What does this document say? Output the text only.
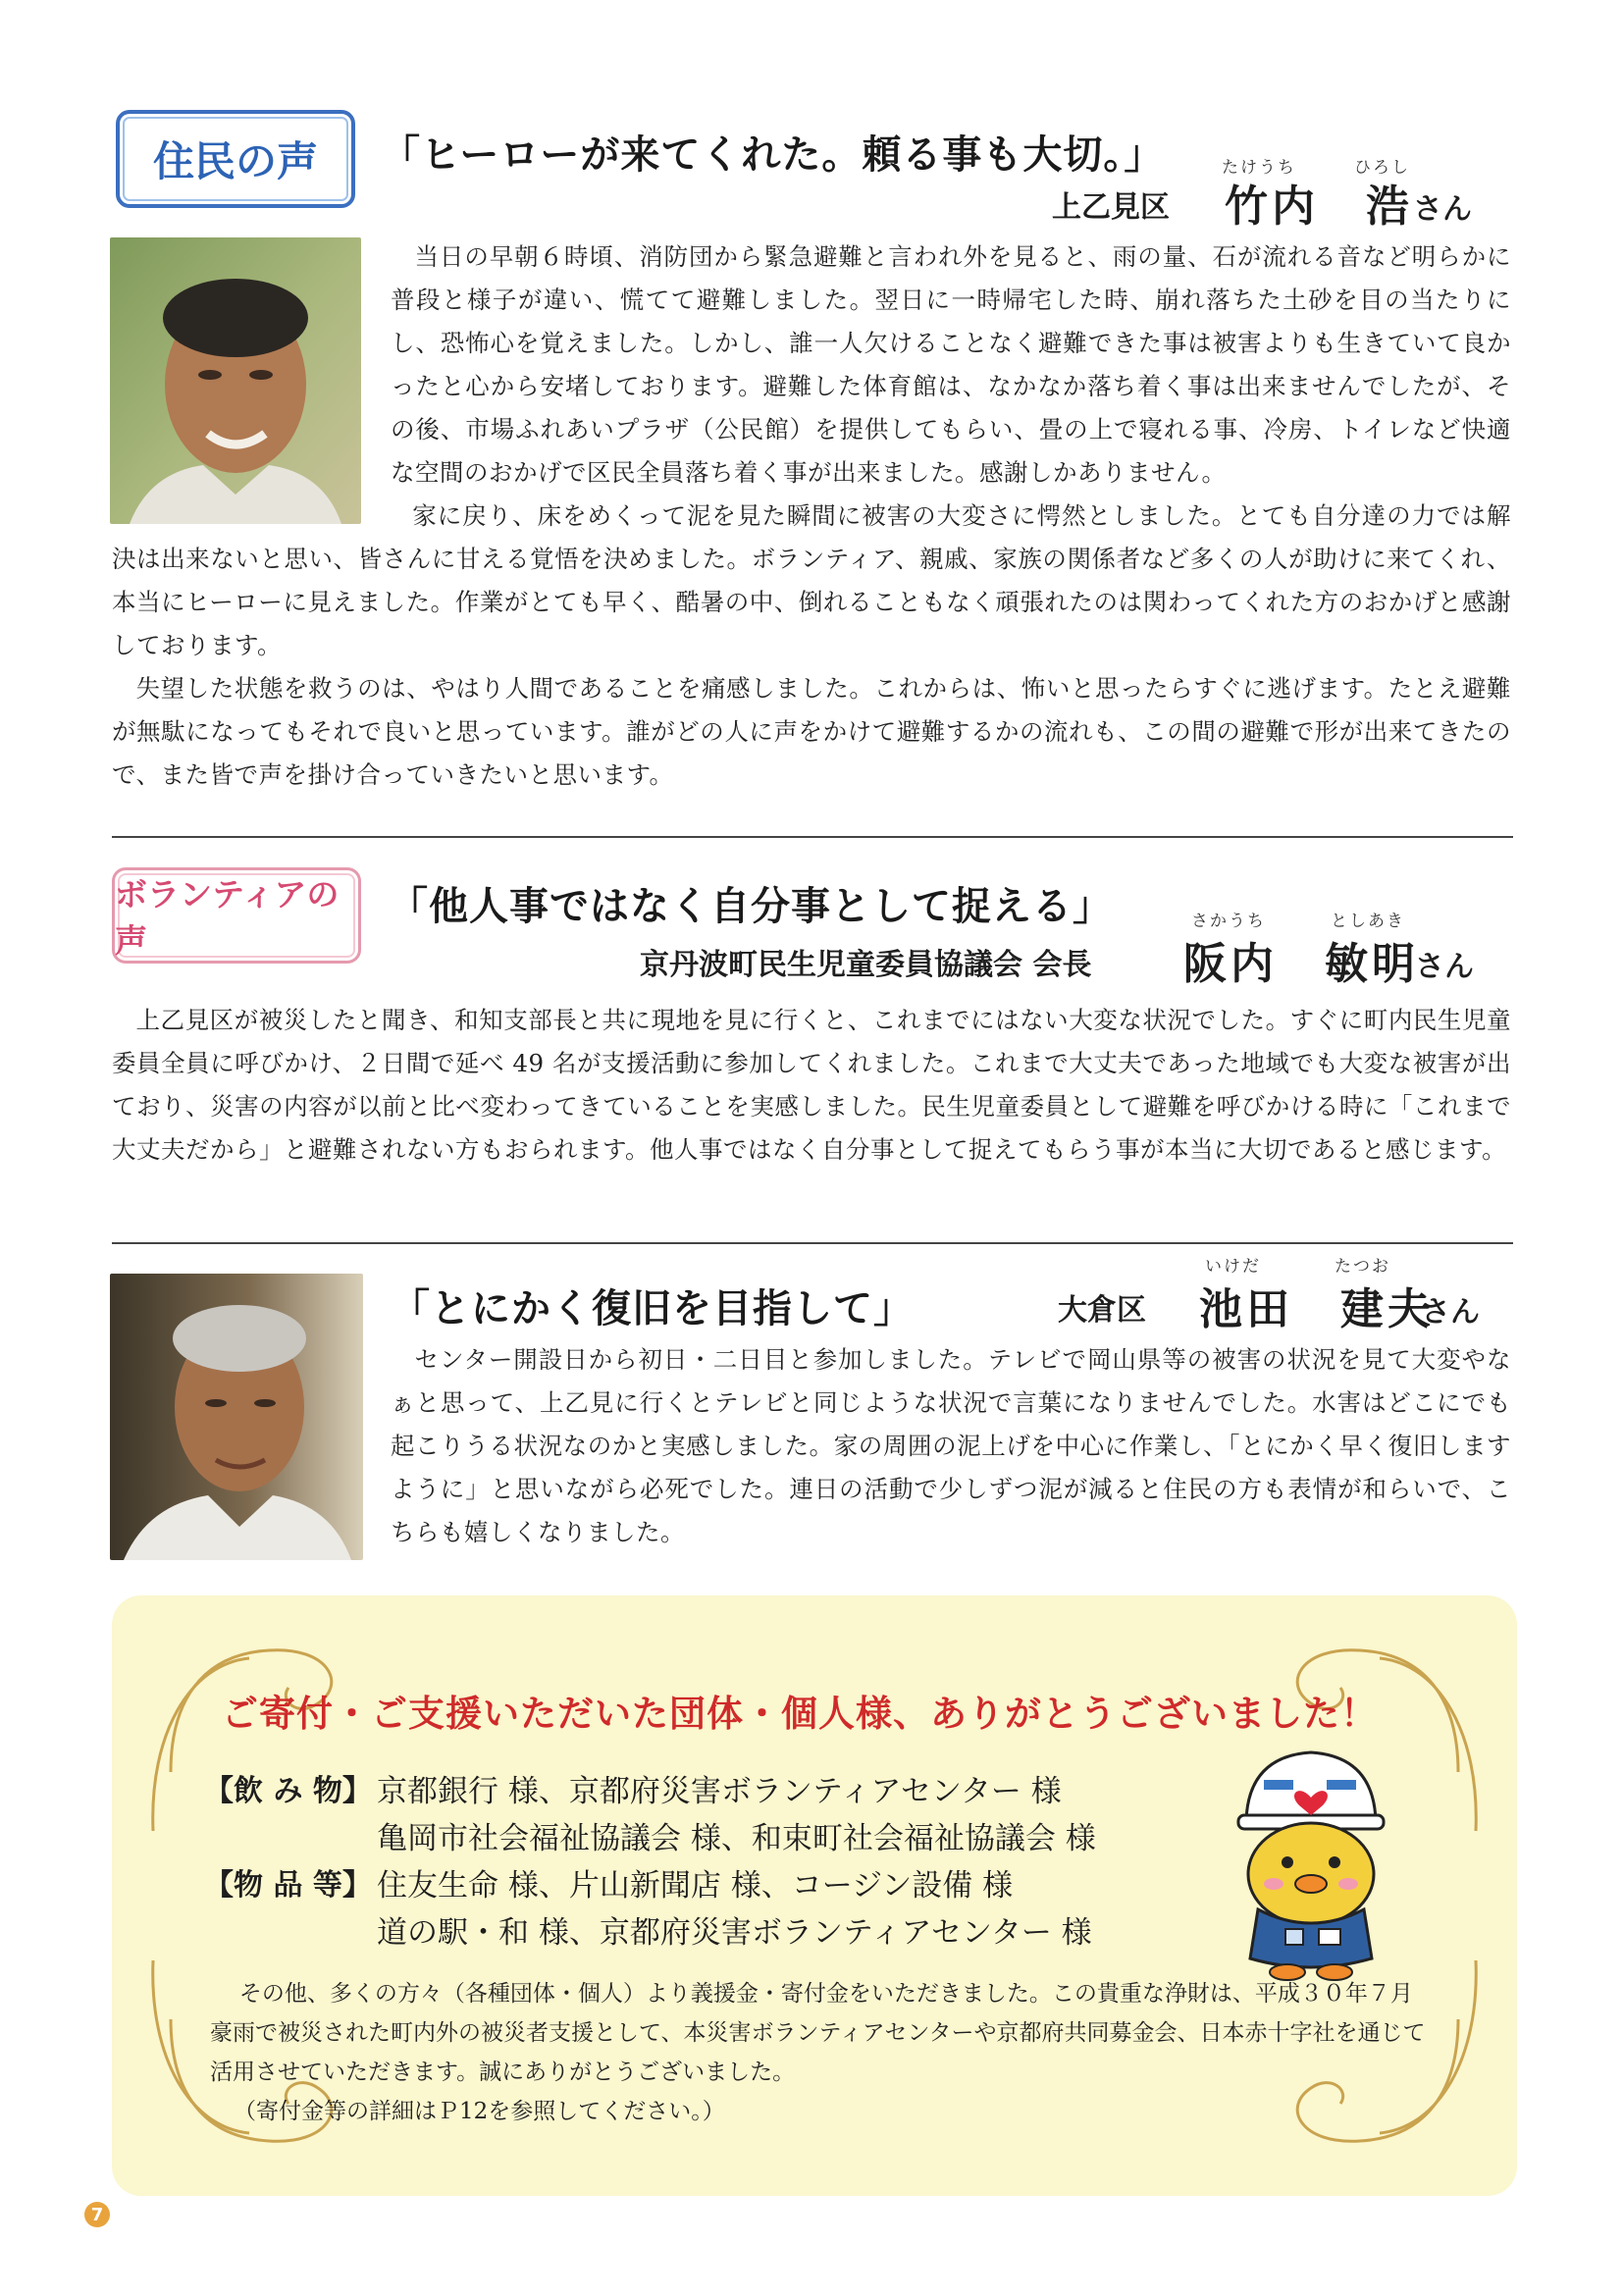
住民の声 「ヒーローが来てくれた。頼る事も大切。」	たけうち	ひろし
上乙見区 竹内　浩 さん
当日の早朝６時頃、消防団から緊急避難と言われ外を見ると、雨の量、石が流れる音など明らかに普段と様子が違い、慌てて避難しました。翌日に一時帰宅した時、崩れ落ちた土砂を目の当たりにし、恐怖心を覚えました。しかし、誰一人欠けることなく避難できた事は被害よりも生きていて良かったと心から安堵しております。避難した体育館は、なかなか落ち着く事は出来ませんでしたが、その後、市場ふれあいプラザ（公民館）を提供してもらい、畳の上で寝れる事、冷房、トイレなど快適な空間のおかげで区民全員落ち着く事が出来ました。感謝しかありません。
家に戻り、床をめくって泥を見た瞬間に被害の大変さに愕然としました。とても自分達の力では解決は出来ないと思い、皆さんに甘える覚悟を決めました。ボランティア、親戚、家族の関係者など多くの人が助けに来てくれ、本当にヒーローに見えました。作業がとても早く、酷暑の中、倒れることもなく頑張れたのは関わってくれた方のおかげと感謝しております。
失望した状態を救うのは、やはり人間であることを痛感しました。これからは、怖いと思ったらすぐに逃げます。たとえ避難が無駄になってもそれで良いと思っています。誰がどの人に声をかけて避難するかの流れも、この間の避難で形が出来てきたので、また皆で声を掛け合っていきたいと思います。
ボランティアの声
「他人事ではなく自分事として捉える」	さかうち	としあき
京丹波町民生児童委員協議会 会長 阪内　敏明
さん
上乙見区が被災したと聞き、和知支部長と共に現地を見に行くと、これまでにはない大変な状況でした。すぐに町内民生児童委員全員に呼びかけ、２日間で延べ 49 名が支援活動に参加してくれました。これまで大丈夫であった地域でも大変な被害が出ており、災害の内容が以前と比べ変わってきていることを実感しました。民生児童委員として避難を呼びかける時に「これまで大丈夫だから」と避難されない方もおられます。他人事ではなく自分事として捉えてもらう事が本当に大切であると感じます。
「とにかく復旧を目指して」
いけだ	たつお
大倉区 池田　建夫
さん
センター開設日から初日・二日目と参加しました。テレビで岡山県等の被害の状況を見て大変やなぁと思って、上乙見に行くとテレビと同じような状況で言葉になりませんでした。水害はどこにでも起こりうる状況なのかと実感しました。家の周囲の泥上げを中心に作業し、「とにかく早く復旧しますように」と思いながら必死でした。連日の活動で少しずつ泥が減ると住民の方も表情が和らいで、こちらも嬉しくなりました。
ご寄付・ご支援いただいた団体・個人様、ありがとうございました！
【飲 み 物】 京都銀行 様、京都府災害ボランティアセンター 様
亀岡市社会福祉協議会 様、和束町社会福祉協議会 様
【物 品 等】 住友生命 様、片山新聞店 様、コージン設備 様
道の駅・和 様、京都府災害ボランティアセンター 様
その他、多くの方々（各種団体・個人）より義援金・寄付金をいただきました。この貴重な浄財は、平成３０年７月豪雨で被災された町内外の被災者支援として、本災害ボランティアセンターや京都府共同募金会、日本赤十字社を通じて活用させていただきます。誠にありがとうございました。
（寄付金等の詳細はＰ12を参照してください。）
7
